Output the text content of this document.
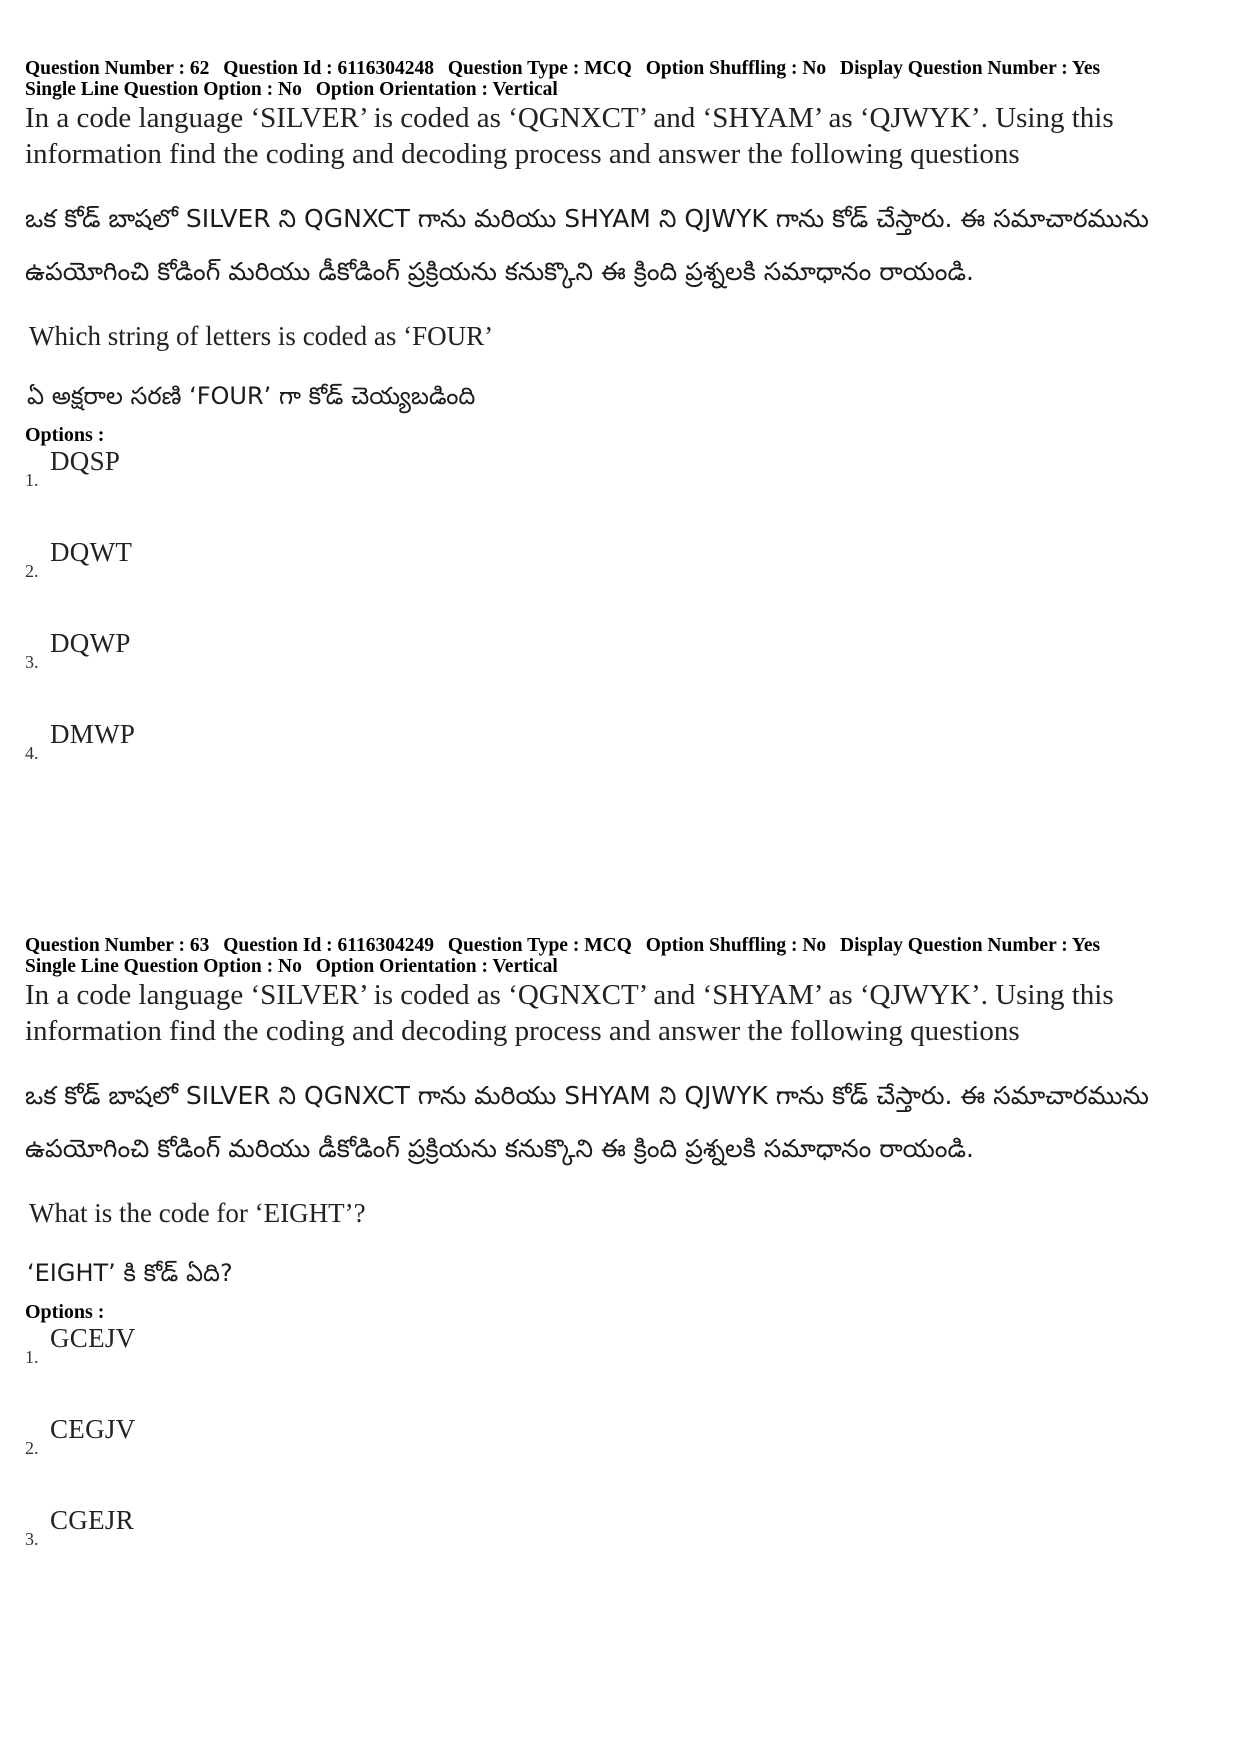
Question Number : 62 Question Id : 6116304248 Question Type : MCQ Option Shuffling : No Display Question Number : Yes
Single Line Question Option : No Option Orientation : Vertical
In a code language ‘SILVER’ is coded as ‘QGNXCT’ and ‘SHYAM’ as ‘QJWYK’. Using this information find the coding and decoding process and answer the following questions
ఒక కోడ్ బాషలో SILVER ని QGNXCT గాను మరియు SHYAM ని QJWYK గాను కోడ్ చేస్తారు. ఈ సమాచారమును ఉపయోగించి కోడింగ్ మరియు డీకోడింగ్ ప్రక్రియను కనుక్కొని ఈ క్రింది ప్రశ్నలకి సమాధానం రాయండి.
Which string of letters is coded as ‘FOUR’
ఏ అక్షరాల సరణి ‘FOUR’ గా కోడ్ చెయ్యబడింది
Options :
1.
DQSP
2.
DQWT
3.
DQWP
4.
DMWP
Question Number : 63 Question Id : 6116304249 Question Type : MCQ Option Shuffling : No Display Question Number : Yes
Single Line Question Option : No Option Orientation : Vertical
In a code language ‘SILVER’ is coded as ‘QGNXCT’ and ‘SHYAM’ as ‘QJWYK’. Using this information find the coding and decoding process and answer the following questions
ఒక కోడ్ బాషలో SILVER ని QGNXCT గాను మరియు SHYAM ని QJWYK గాను కోడ్ చేస్తారు. ఈ సమాచారమును ఉపయోగించి కోడింగ్ మరియు డీకోడింగ్ ప్రక్రియను కనుక్కొని ఈ క్రింది ప్రశ్నలకి సమాధానం రాయండి.
What is the code for ‘EIGHT’?
‘EIGHT’ కి కోడ్ ఏది?
Options :
1.
GCEJV
2.
CEGJV
3.
CGEJR
